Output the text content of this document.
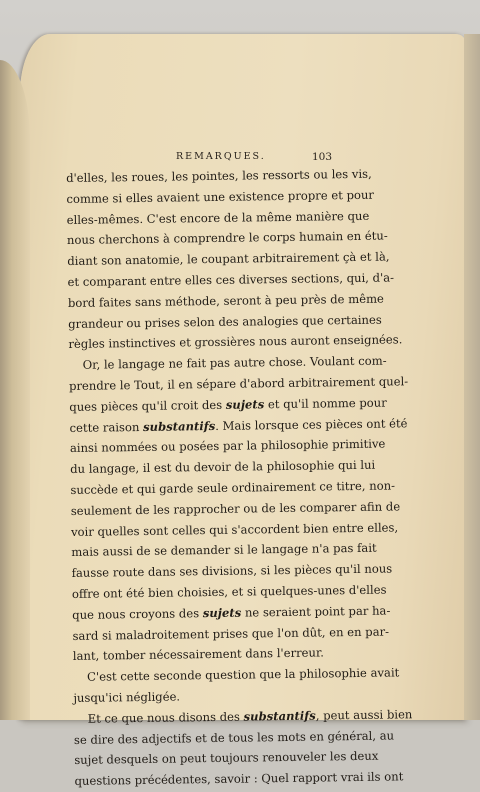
REMARQUES.	103
d'elles, les roues, les pointes, les ressorts ou les vis,
comme si elles avaient une existence propre et pour
elles-mêmes. C'est encore de la même manière que
nous cherchons à comprendre le corps humain en étu-
diant son anatomie, le coupant arbitrairement çà et là,
et comparant entre elles ces diverses sections, qui, d'a-
bord faites sans méthode, seront à peu près de même
grandeur ou prises selon des analogies que certaines
règles instinctives et grossières nous auront enseignées.
Or, le langage ne fait pas autre chose. Voulant com-
prendre le Tout, il en sépare d'abord arbitrairement quel-
ques pièces qu'il croit des sujets et qu'il nomme pour
cette raison substantifs. Mais lorsque ces pièces ont été
ainsi nommées ou posées par la philosophie primitive
du langage, il est du devoir de la philosophie qui lui
succède et qui garde seule ordinairement ce titre, non-
seulement de les rapprocher ou de les comparer afin de
voir quelles sont celles qui s'accordent bien entre elles,
mais aussi de se demander si le langage n'a pas fait
fausse route dans ses divisions, si les pièces qu'il nous
offre ont été bien choisies, et si quelques-unes d'elles
que nous croyons des sujets ne seraient point par ha-
sard si maladroitement prises que l'on dût, en en par-
lant, tomber nécessairement dans l'erreur.
C'est cette seconde question que la philosophie avait
jusqu'ici négligée.
Et ce que nous disons des substantifs, peut aussi bien
se dire des adjectifs et de tous les mots en général, au
sujet desquels on peut toujours renouveler les deux
questions précédentes, savoir : Quel rapport vrai ils ont
